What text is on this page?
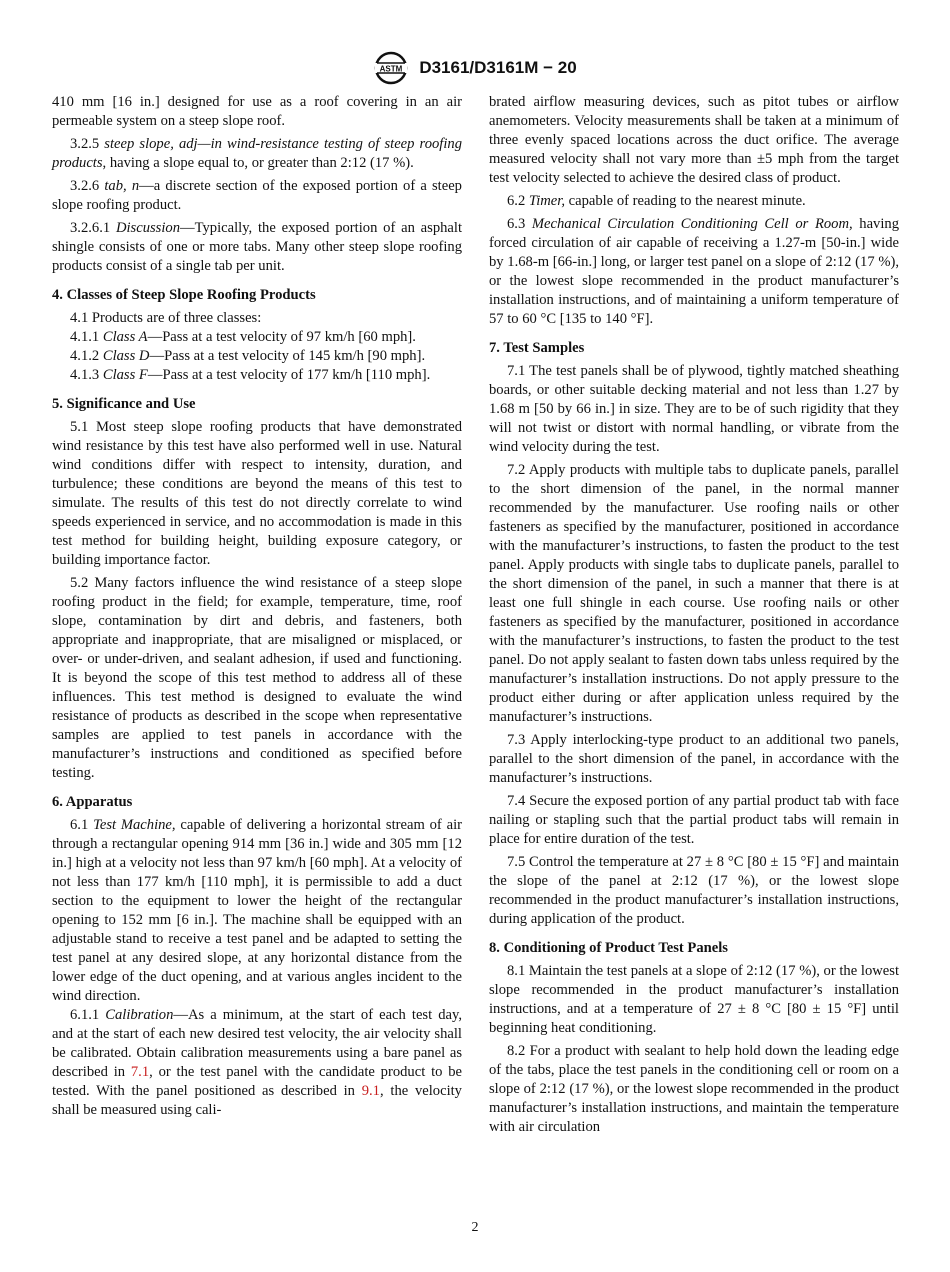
ASTM D3161/D3161M − 20

410 mm [16 in.] designed for use as a roof covering in an air permeable system on a steep slope roof.

3.2.5 steep slope, adj—in wind-resistance testing of steep roofing products, having a slope equal to, or greater than 2:12 (17 %).

3.2.6 tab, n—a discrete section of the exposed portion of a steep slope roofing product.

3.2.6.1 Discussion—Typically, the exposed portion of an asphalt shingle consists of one or more tabs. Many other steep slope roofing products consist of a single tab per unit.

4. Classes of Steep Slope Roofing Products

4.1 Products are of three classes:

4.1.1 Class A—Pass at a test velocity of 97 km/h [60 mph].

4.1.2 Class D—Pass at a test velocity of 145 km/h [90 mph].

4.1.3 Class F—Pass at a test velocity of 177 km/h [110 mph].

5. Significance and Use

5.1 Most steep slope roofing products that have demonstrated wind resistance by this test have also performed well in use. Natural wind conditions differ with respect to intensity, duration, and turbulence; these conditions are beyond the means of this test to simulate. The results of this test do not directly correlate to wind speeds experienced in service, and no accommodation is made in this test method for building height, building exposure category, or building importance factor.

5.2 Many factors influence the wind resistance of a steep slope roofing product in the field; for example, temperature, time, roof slope, contamination by dirt and debris, and fasteners, both appropriate and inappropriate, that are misaligned or misplaced, or over- or under-driven, and sealant adhesion, if used and functioning. It is beyond the scope of this test method to address all of these influences. This test method is designed to evaluate the wind resistance of products as described in the scope when representative samples are applied to test panels in accordance with the manufacturer’s instructions and conditioned as specified before testing.

6. Apparatus

6.1 Test Machine, capable of delivering a horizontal stream of air through a rectangular opening 914 mm [36 in.] wide and 305 mm [12 in.] high at a velocity not less than 97 km/h [60 mph]. At a velocity of not less than 177 km/h [110 mph], it is permissible to add a duct section to the equipment to lower the height of the rectangular opening to 152 mm [6 in.]. The machine shall be equipped with an adjustable stand to receive a test panel and be adapted to setting the test panel at any desired slope, at any horizontal distance from the lower edge of the duct opening, and at various angles incident to the wind direction.

6.1.1 Calibration—As a minimum, at the start of each test day, and at the start of each new desired test velocity, the air velocity shall be calibrated. Obtain calibration measurements using a bare panel as described in 7.1, or the test panel with the candidate product to be tested. With the panel positioned as described in 9.1, the velocity shall be measured using cali-

brated airflow measuring devices, such as pitot tubes or airflow anemometers. Velocity measurements shall be taken at a minimum of three evenly spaced locations across the duct orifice. The average measured velocity shall not vary more than ±5 mph from the target test velocity selected to achieve the desired class of product.

6.2 Timer, capable of reading to the nearest minute.

6.3 Mechanical Circulation Conditioning Cell or Room, having forced circulation of air capable of receiving a 1.27-m [50-in.] wide by 1.68-m [66-in.] long, or larger test panel on a slope of 2:12 (17 %), or the lowest slope recommended in the product manufacturer’s installation instructions, and of maintaining a uniform temperature of 57 to 60 °C [135 to 140 °F].

7. Test Samples

7.1 The test panels shall be of plywood, tightly matched sheathing boards, or other suitable decking material and not less than 1.27 by 1.68 m [50 by 66 in.] in size. They are to be of such rigidity that they will not twist or distort with normal handling, or vibrate from the wind velocity during the test.

7.2 Apply products with multiple tabs to duplicate panels, parallel to the short dimension of the panel, in the normal manner recommended by the manufacturer. Use roofing nails or other fasteners as specified by the manufacturer, positioned in accordance with the manufacturer’s instructions, to fasten the product to the test panel. Apply products with single tabs to duplicate panels, parallel to the short dimension of the panel, in such a manner that there is at least one full shingle in each course. Use roofing nails or other fasteners as specified by the manufacturer, positioned in accordance with the manufacturer’s instructions, to fasten the product to the test panel. Do not apply sealant to fasten down tabs unless required by the manufacturer’s installation instructions. Do not apply pressure to the product either during or after application unless required by the manufacturer’s instructions.

7.3 Apply interlocking-type product to an additional two panels, parallel to the short dimension of the panel, in accordance with the manufacturer’s instructions.

7.4 Secure the exposed portion of any partial product tab with face nailing or stapling such that the partial product tabs will remain in place for entire duration of the test.

7.5 Control the temperature at 27 ± 8 °C [80 ± 15 °F] and maintain the slope of the panel at 2:12 (17 %), or the lowest slope recommended in the product manufacturer’s installation instructions, during application of the product.

8. Conditioning of Product Test Panels

8.1 Maintain the test panels at a slope of 2:12 (17 %), or the lowest slope recommended in the product manufacturer’s installation instructions, and at a temperature of 27 ± 8 °C [80 ± 15 °F] until beginning heat conditioning.

8.2 For a product with sealant to help hold down the leading edge of the tabs, place the test panels in the conditioning cell or room on a slope of 2:12 (17 %), or the lowest slope recommended in the product manufacturer’s installation instructions, and maintain the temperature with air circulation

2
